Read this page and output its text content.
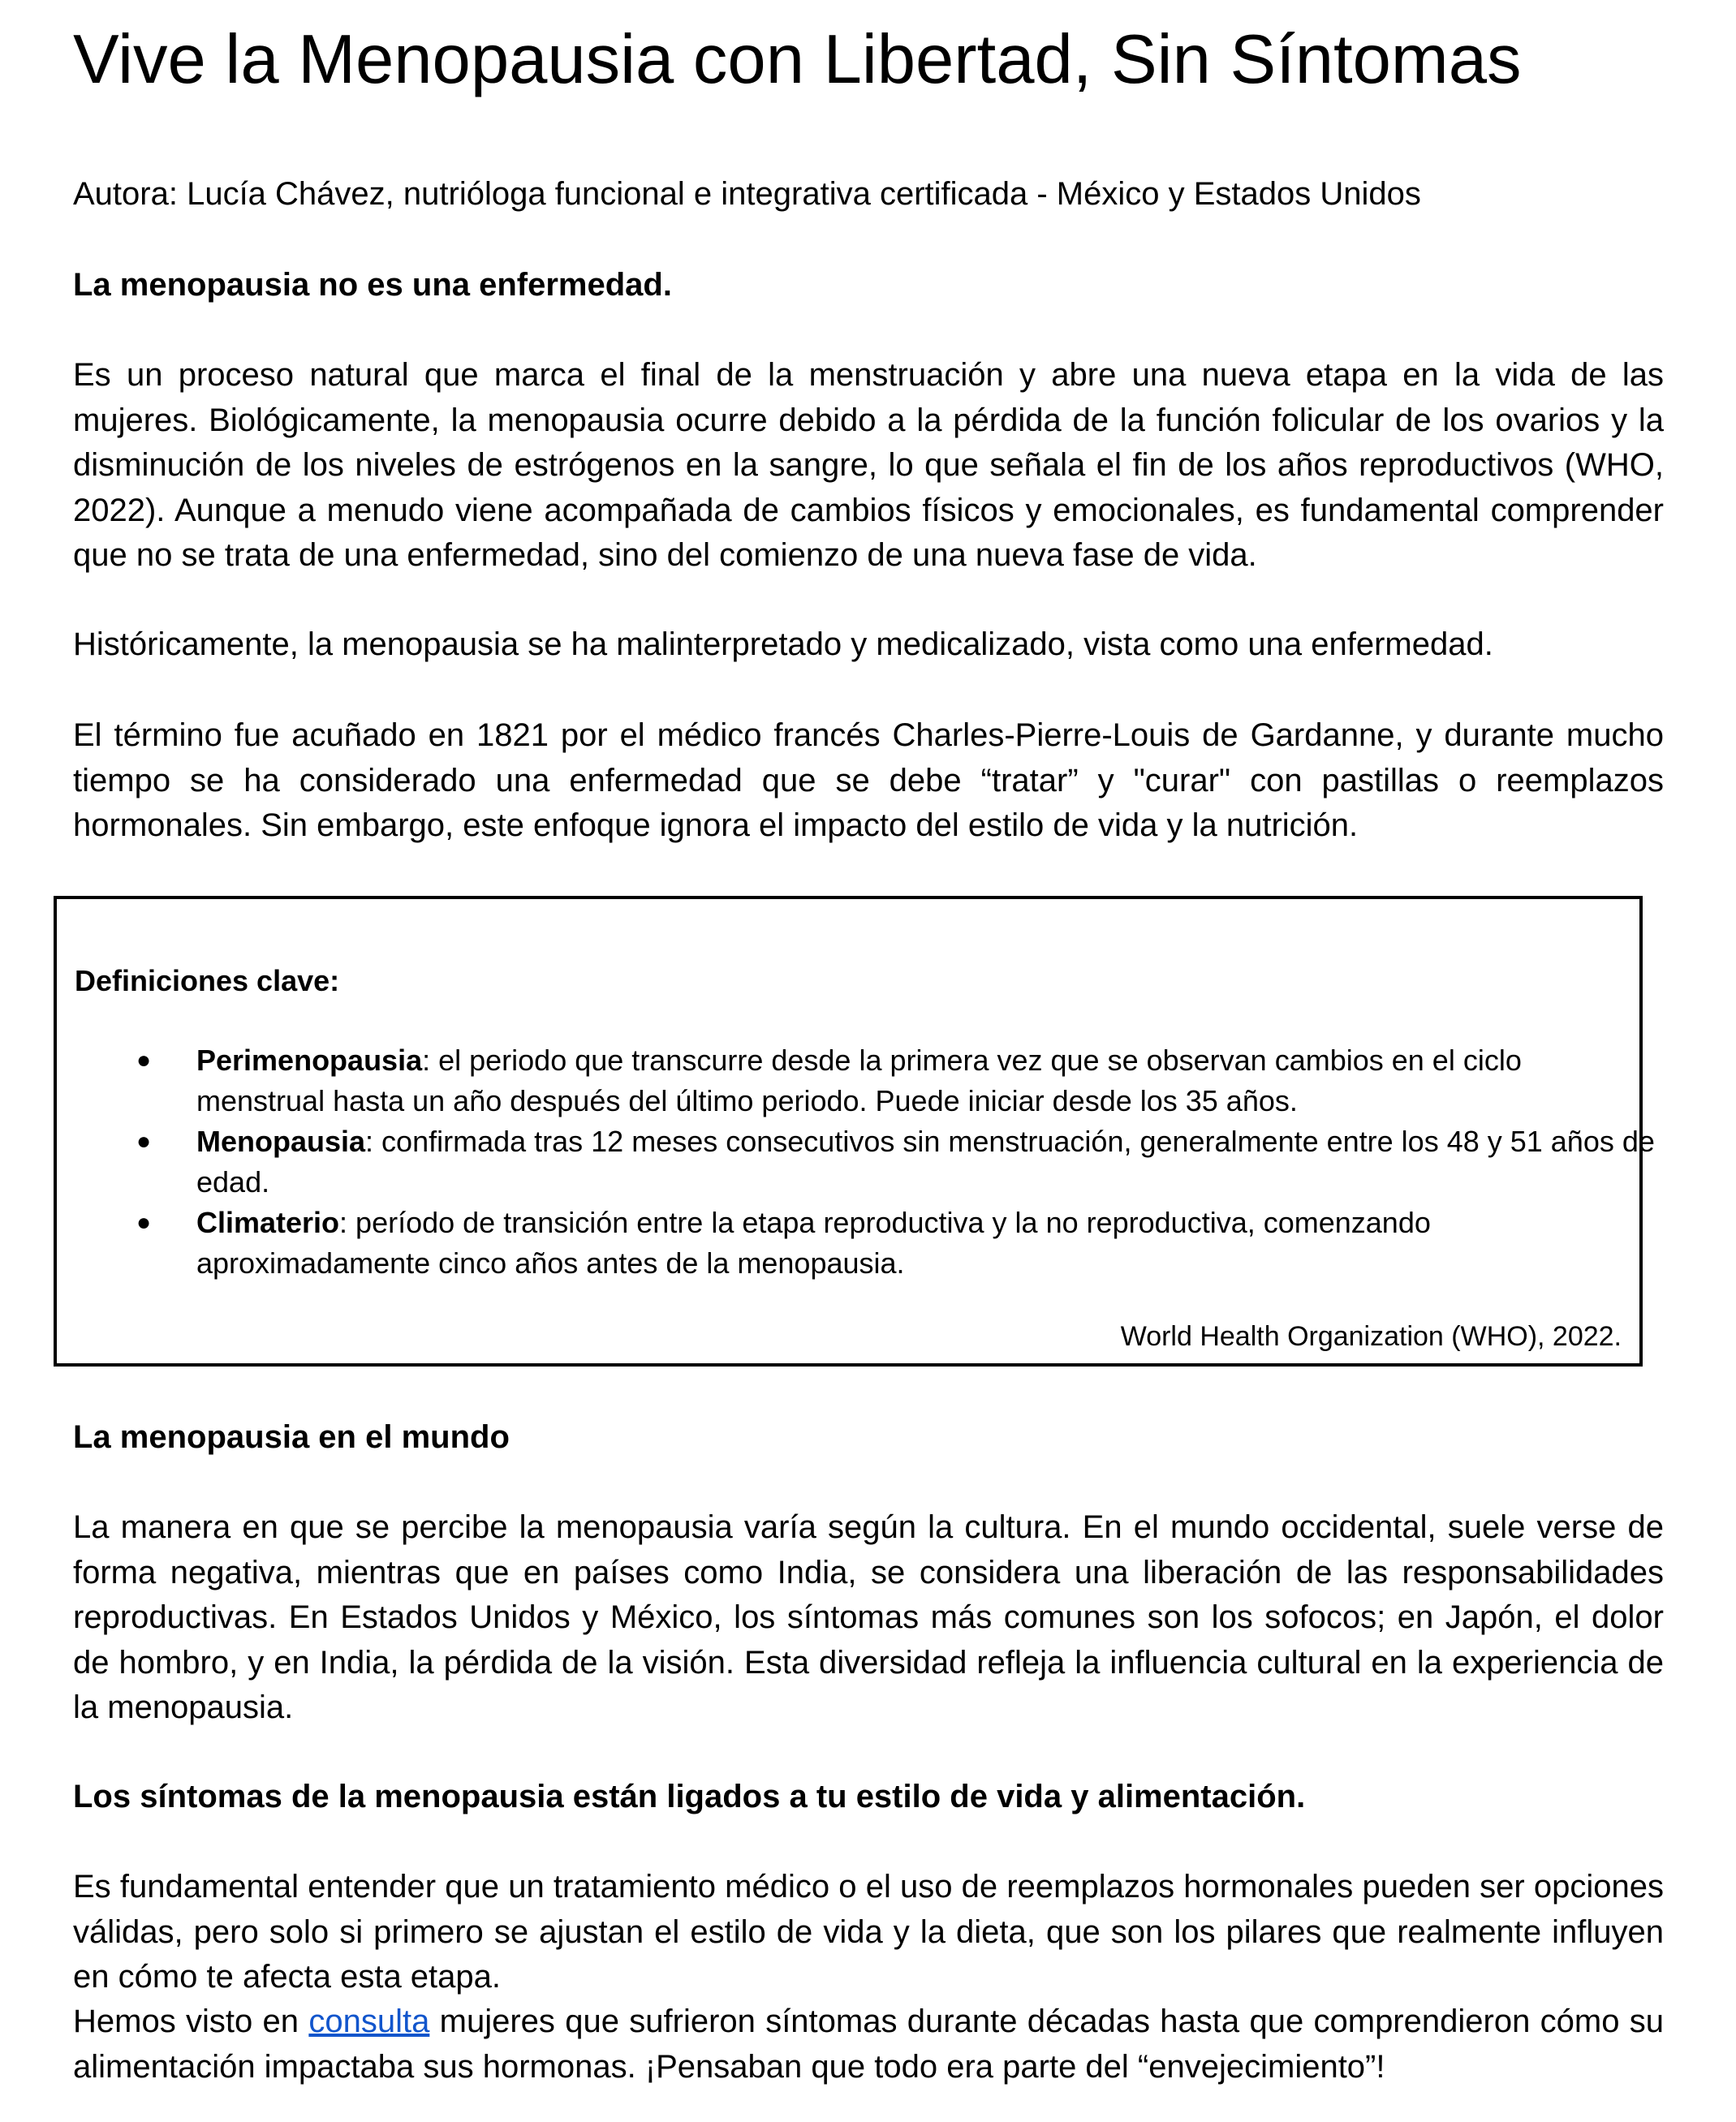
Vive la Menopausia con Libertad, Sin Síntomas

Autora: Lucía Chávez, nutrióloga funcional e integrativa certificada - México y Estados Unidos

La menopausia no es una enfermedad.

Es un proceso natural que marca el final de la menstruación y abre una nueva etapa en la vida de las mujeres. Biológicamente, la menopausia ocurre debido a la pérdida de la función folicular de los ovarios y la disminución de los niveles de estrógenos en la sangre, lo que señala el fin de los años reproductivos (WHO, 2022). Aunque a menudo viene acompañada de cambios físicos y emocionales, es fundamental comprender que no se trata de una enfermedad, sino del comienzo de una nueva fase de vida.

Históricamente, la menopausia se ha malinterpretado y medicalizado, vista como una enfermedad.

El término fue acuñado en 1821 por el médico francés Charles-Pierre-Louis de Gardanne, y durante mucho tiempo se ha considerado una enfermedad que se debe “tratar” y "curar" con pastillas o reemplazos hormonales. Sin embargo, este enfoque ignora el impacto del estilo de vida y la nutrición.

La menopausia en el mundo

La manera en que se percibe la menopausia varía según la cultura. En el mundo occidental, suele verse de forma negativa, mientras que en países como India, se considera una liberación de las responsabilidades reproductivas. En Estados Unidos y México, los síntomas más comunes son los sofocos; en Japón, el dolor de hombro, y en India, la pérdida de la visión. Esta diversidad refleja la influencia cultural en la experiencia de la menopausia.

Los síntomas de la menopausia están ligados a tu estilo de vida y alimentación.

Es fundamental entender que un tratamiento médico o el uso de reemplazos hormonales pueden ser opciones válidas, pero solo si primero se ajustan el estilo de vida y la dieta, que son los pilares que realmente influyen en cómo te afecta esta etapa.

Hemos visto en consulta mujeres que sufrieron síntomas durante décadas hasta que comprendieron cómo su alimentación impactaba sus hormonas. ¡Pensaban que todo era parte del “envejecimiento”!

Definiciones clave:
● Perimenopausia: el periodo que transcurre desde la primera vez que se observan cambios en el ciclo menstrual hasta un año después del último periodo. Puede iniciar desde los 35 años.
● Menopausia: confirmada tras 12 meses consecutivos sin menstruación, generalmente entre los 48 y 51 años de edad.
● Climaterio: período de transición entre la etapa reproductiva y la no reproductiva, comenzando aproximadamente cinco años antes de la menopausia.
World Health Organization (WHO), 2022.
